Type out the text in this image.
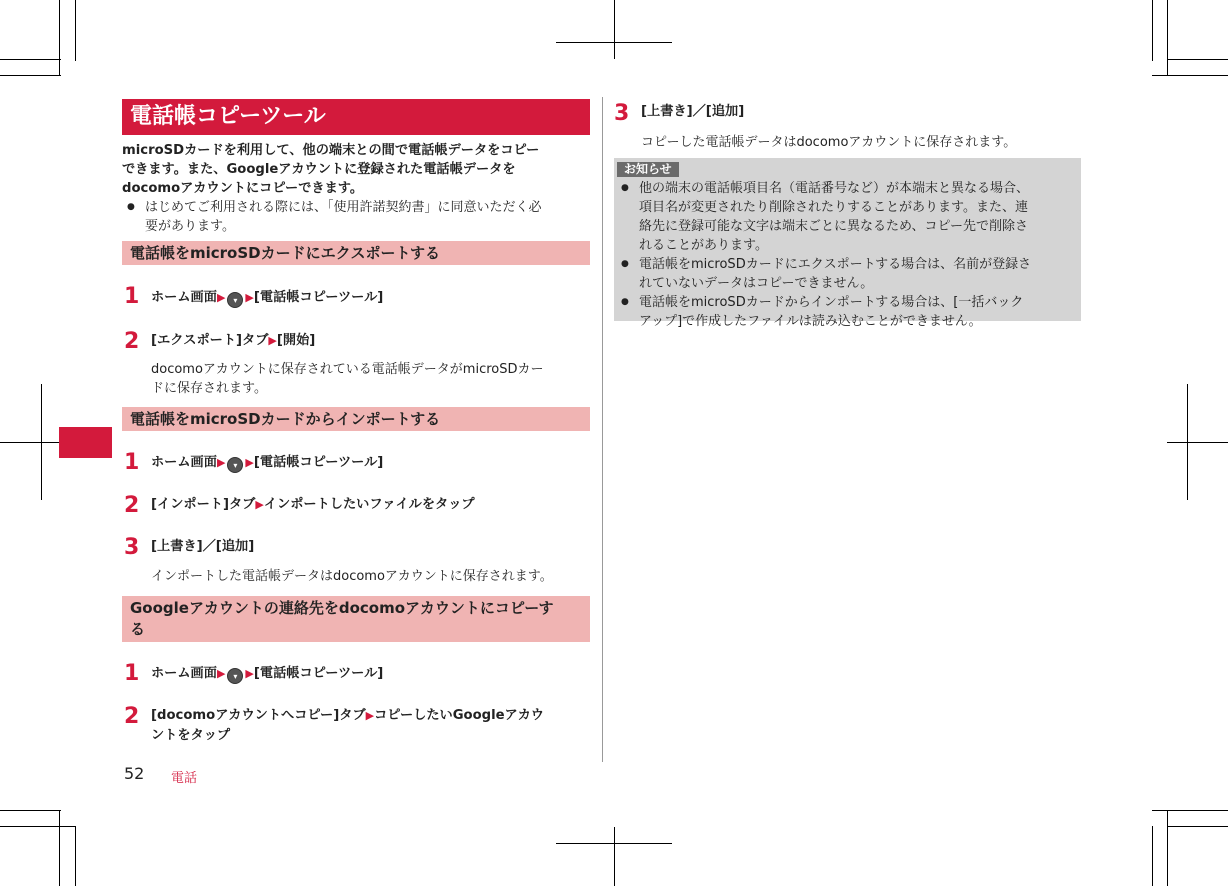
電話帳コピーツール
microSDカードを利用して、他の端末との間で電話帳データをコピー
できます。また、Googleアカウントに登録された電話帳データを
docomoアカウントにコピーできます。
● はじめてご利用される際には、「使用許諾契約書」に同意いただく必
要があります。
電話帳をmicroSDカードにエクスポートする
1 ホーム画面▶ ▾ ▶[電話帳コピーツール]
2 [エクスポート]タブ▶[開始]
docomoアカウントに保存されている電話帳データがmicroSDカー
ドに保存されます。
電話帳をmicroSDカードからインポートする
1 ホーム画面▶ ▾ ▶[電話帳コピーツール]
2 [インポート]タブ▶インポートしたいファイルをタップ
3 [上書き]／[追加]
インポートした電話帳データはdocomoアカウントに保存されます。
Googleアカウントの連絡先をdocomoアカウントにコピーす
る
1 ホーム画面▶ ▾ ▶[電話帳コピーツール]
2 [docomoアカウントへコピー]タブ▶コピーしたいGoogleアカウ
ントをタップ
3 [上書き]／[追加]
コピーした電話帳データはdocomoアカウントに保存されます。
お知らせ
● 他の端末の電話帳項目名（電話番号など）が本端末と異なる場合、
項目名が変更されたり削除されたりすることがあります。また、連
絡先に登録可能な文字は端末ごとに異なるため、コピー先で削除さ
れることがあります。
● 電話帳をmicroSDカードにエクスポートする場合は、名前が登録さ
れていないデータはコピーできません。
● 電話帳をmicroSDカードからインポートする場合は、[一括バック
アップ]で作成したファイルは読み込むことができません。
52 電話
